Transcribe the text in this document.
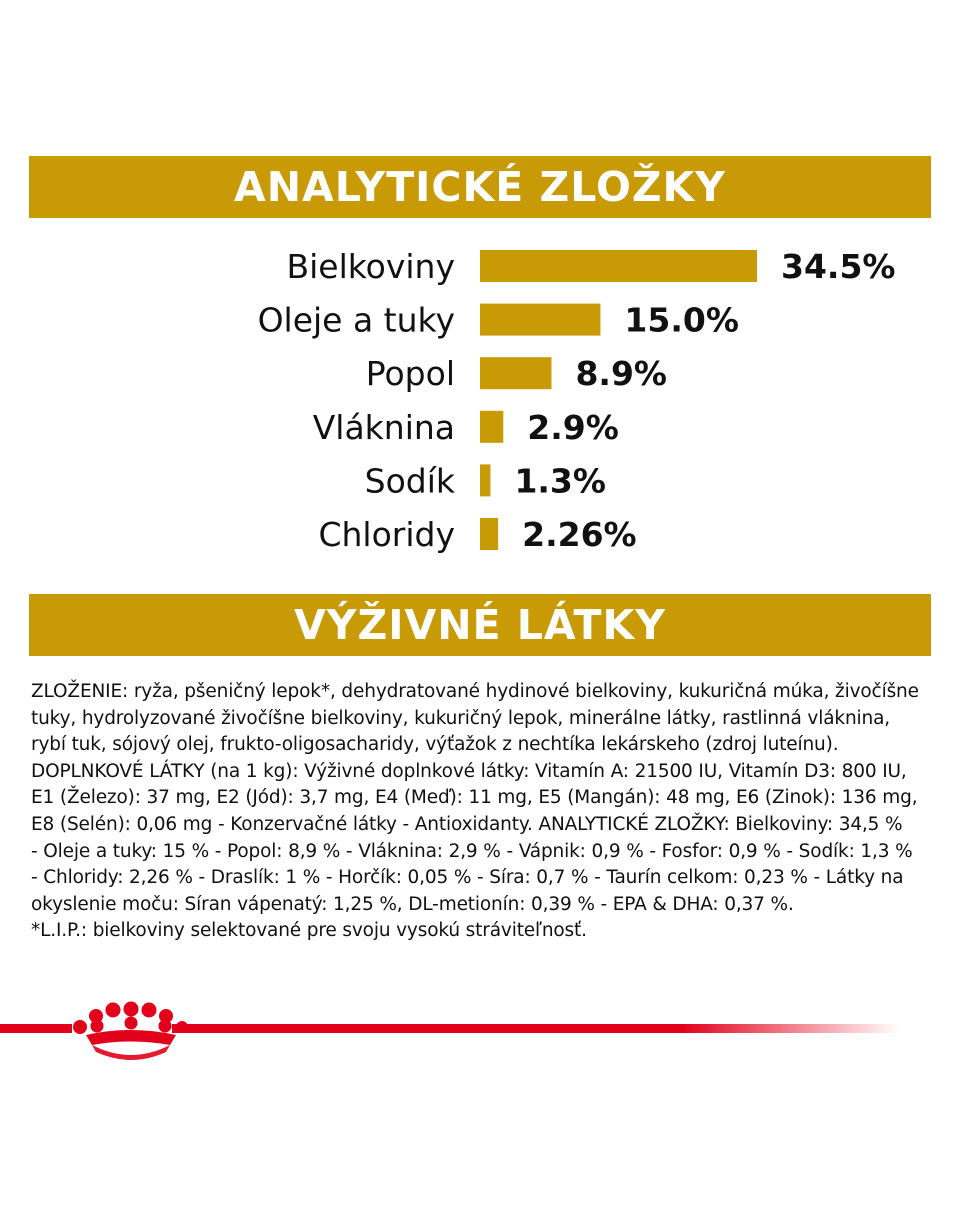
ANALYTICKÉ ZLOŽKY
Bielkoviny	34.5%
Oleje a tuky	15.0%
Popol	8.9%
Vláknina 2.9%
Sodík 1.3%
Chloridy 2.26%
VÝŽIVNÉ LÁTKY
ZLOŽENIE: ryža, pšeničný lepok*, dehydratované hydinové bielkoviny, kukuričná múka, živočíšne
tuky, hydrolyzované živočíšne bielkoviny, kukuričný lepok, minerálne látky, rastlinná vláknina,
rybí tuk, sójový olej, frukto-oligosacharidy, výťažok z nechtíka lekárskeho (zdroj luteínu).
DOPLNKOVÉ LÁTKY (na 1 kg): Výživné doplnkové látky: Vitamín A: 21500 IU, Vitamín D3: 800 IU,
E1 (Železo): 37 mg, E2 (Jód): 3,7 mg, E4 (Meď): 11 mg, E5 (Mangán): 48 mg, E6 (Zinok): 136 mg,
E8 (Selén): 0,06 mg - Konzervačné látky - Antioxidanty. ANALYTICKÉ ZLOŽKY: Bielkoviny: 34,5 %
- Oleje a tuky: 15 % - Popol: 8,9 % - Vláknina: 2,9 % - Vápnik: 0,9 % - Fosfor: 0,9 % - Sodík: 1,3 %
- Chloridy: 2,26 % - Draslík: 1 % - Horčík: 0,05 % - Síra: 0,7 % - Taurín celkom: 0,23 % - Látky na
okyslenie moču: Síran vápenatý: 1,25 %, DL-metionín: 0,39 % - EPA & DHA: 0,37 %.
*L.I.P.: bielkoviny selektované pre svoju vysokú stráviteľnosť.
